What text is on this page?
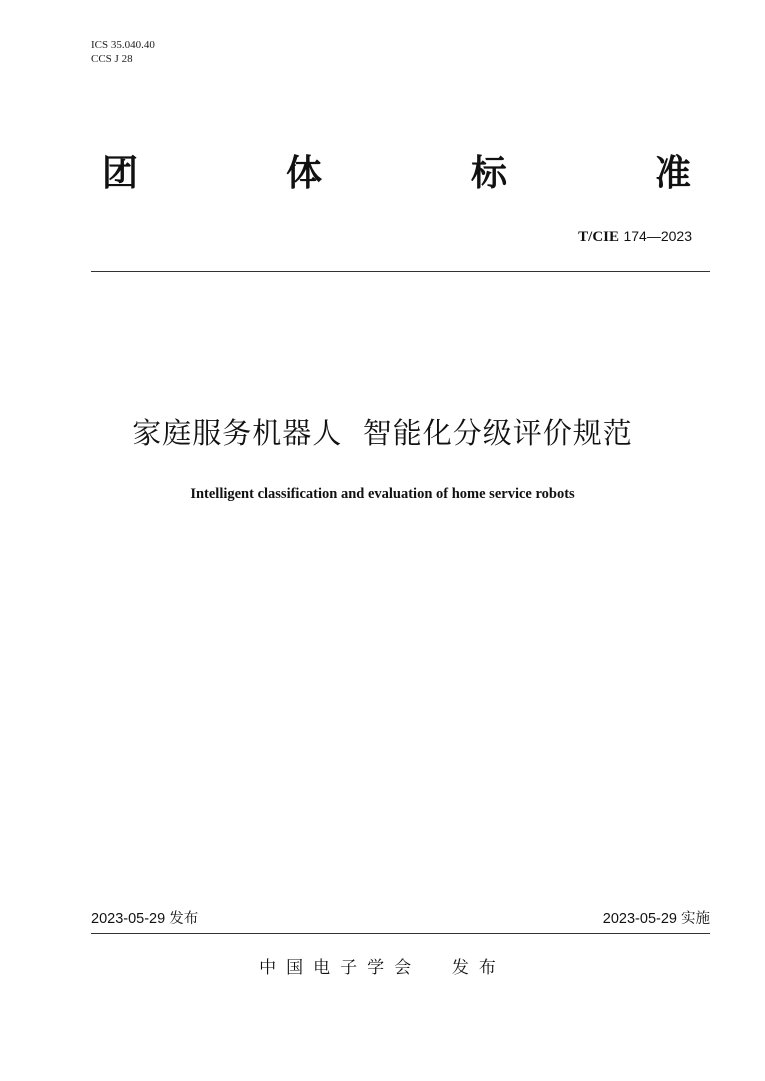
ICS 35.040.40
CCS J 28
团	体	标	准
T/CIE 174—2023
家庭服务机器人  智能化分级评价规范
Intelligent classification and evaluation of home service robots
2023-05-29 发布	2023-05-29 实施
中国电子学会  发布
